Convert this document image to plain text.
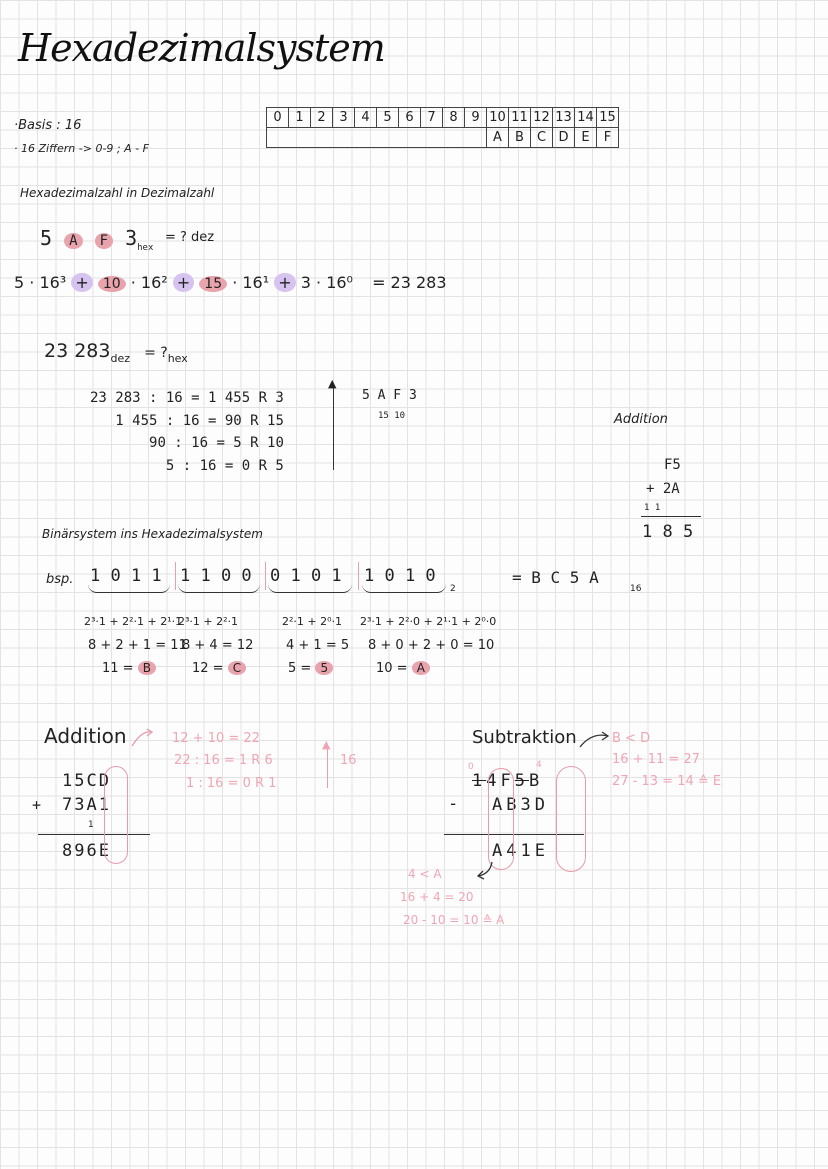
Hexadezimalsystem
·Basis : 16
· 16 Ziffern -> 0-9 ; A - F
0	1	2	3	4	5	6	7	8	9	10	11	12	13	14	15
										A	B	C	D	E	F
Hexadezimalzahl in Dezimalzahl
5 A F $3_{hex}$
= ? dez
5 · 16³ + 10 · 16² + 15 · 16¹ + 3 · 16⁰ = 23 283
23 $283_{dez}$ = $?_{hex}$
23 283 : 16 = 1 455 R 3
1 455 : 16 = 90 R 15
90 : 16 = 5 R 10
5 : 16 = 0 R 5
▲
5 A F 3
15 10	Addition
F5
+ 2A
1 1
1 8 5
Binärsystem ins Hexadezimalsystem
bsp. 1 0 1 1 1 1 0 0 0 1 0 1 1 0 1 0
2
= B C 5 A
16
2³·1 + 2²·1 + 2¹·1
2³·1 + 2²·1	2²·1 + 2⁰·1 2³·1 + 2²·0 + 2¹·1 + 2⁰·0
8 + 2 + 1 = 11
8 + 4 = 12	4 + 1 = 5 8 + 0 + 2 + 0 = 10
11 = B	12 = C	5 = 5	10 = A
Addition	12 + 10 = 22
22 : 16 = 1 R 6
1 : 16 = 0 R 1
▲
16
15CD
+ 73A1
1
896E
Subtraktion	B < D
16 + 11 = 27
27 - 13 = 14 ≙ E
0	4
14F5B
- AB3D
A41E
4 < A
16 + 4 = 20
20 - 10 = 10 ≙ A
